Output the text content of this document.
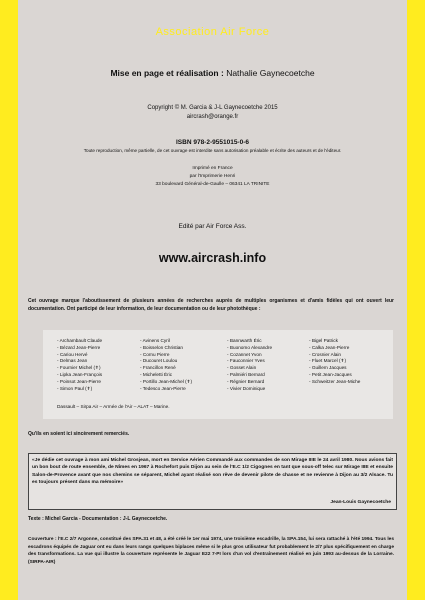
Association Air Force
Mise en page et réalisation : Nathalie Gaynecoetche
Copyright © M. Garcia & J-L Gaynecoetche 2015
aircrash@orange.fr
ISBN 978-2-9551015-0-6
Toute reproduction, même partielle, de cet ouvrage est interdite sans autorisation préalable et écrite des auteurs et de l'éditeur.
Imprimé en France
par l'Imprimerie Henri
33 boulevard Général-de-Gaulle – 06341 LA TRINITE
Edité par Air Force Ass.
www.aircrash.info
Cet ouvrage marque l'aboutissement de plusieurs années de recherches auprès de multiples organismes et d'amis fidèles qui ont ouvert leur documentation. Ont participé de leur information, de leur documentation ou de leur photothèque :
- Archambault Claude
- Bézard Jean-Pierre
- Cariou Hervé
- Delmas Jean
- Fournier Michel (✝)
- Lipka Jean-François
- Poinsot Jean-Pierre
- Simon Paul (✝)
- Avinens Cyril
- Boisselon Christian
- Cornu Pierre
- Ducouret Loulou
- Francillon René
- Micheletti Éric
- Portillo Jean-Michel (✝)
- Tedesco Jean-Pierre
- Bannwarth Éric
- Buonomo Alexandre
- Cozannet Yvon
- Fauconnier Yves
- Gosset Alain
- Palmiéri Bernard
- Régnier Bernard
- Vivier Dominique
- Bigel Patrick
- Calka Jean-Pierre
- Crosnier Alain
- Fluet Marcel (✝)
- Guillem Jacques
- Petit Jean-Jacques
- Schweitzer Jean-Miche
Dassault – Sirpa Air – Armée de l'Air – ALAT – Marine.
Qu'ils en soient ici sincèrement remerciés.
«Je dédie cet ouvrage à mon ami Michel Grosjean, mort en Service Aérien Commandé aux commandes de son Mirage IIIE le 24 avril 1980. Nous avions fait un bon bout de route ensemble, de Nîmes en 1967 à Rochefort puis Dijon au sein de l'E.C 1/2 Cigognes en tant que sous-off telec sur Mirage IIIE et ensuite Salon-de-Provence avant que nos chemins se séparent, Michel ayant réalisé son rêve de devenir pilote de chasse et ne revienne à Dijon au 3/2 Alsace. Tu es toujours présent dans ma mémoire»
Jean-Louis Gaynecoetche
Texte : Michel Garcia - Documentation : J-L Gaynecoetche.
Couverture : l'E.C 2/7 Argonne, constitué des SPA.31 et 48, a été créé le 1er mai 1974, une troisième escadrille, la SPA.154, lui sera rattaché à l'été 1994. Tous les escadrons équipés de Jaguar ont eu dans leurs rangs quelques biplaces même si le plus gros utilisateur fut probablement le 2/7 plus spécifiquement en charge des transformations. La vue qui illustre la couverture représente le Jaguar E22 7-PI lors d'un vol d'entraînement réalisé en juin 1993 au-dessus de la Lorraine. (SIRPA-AIR)
